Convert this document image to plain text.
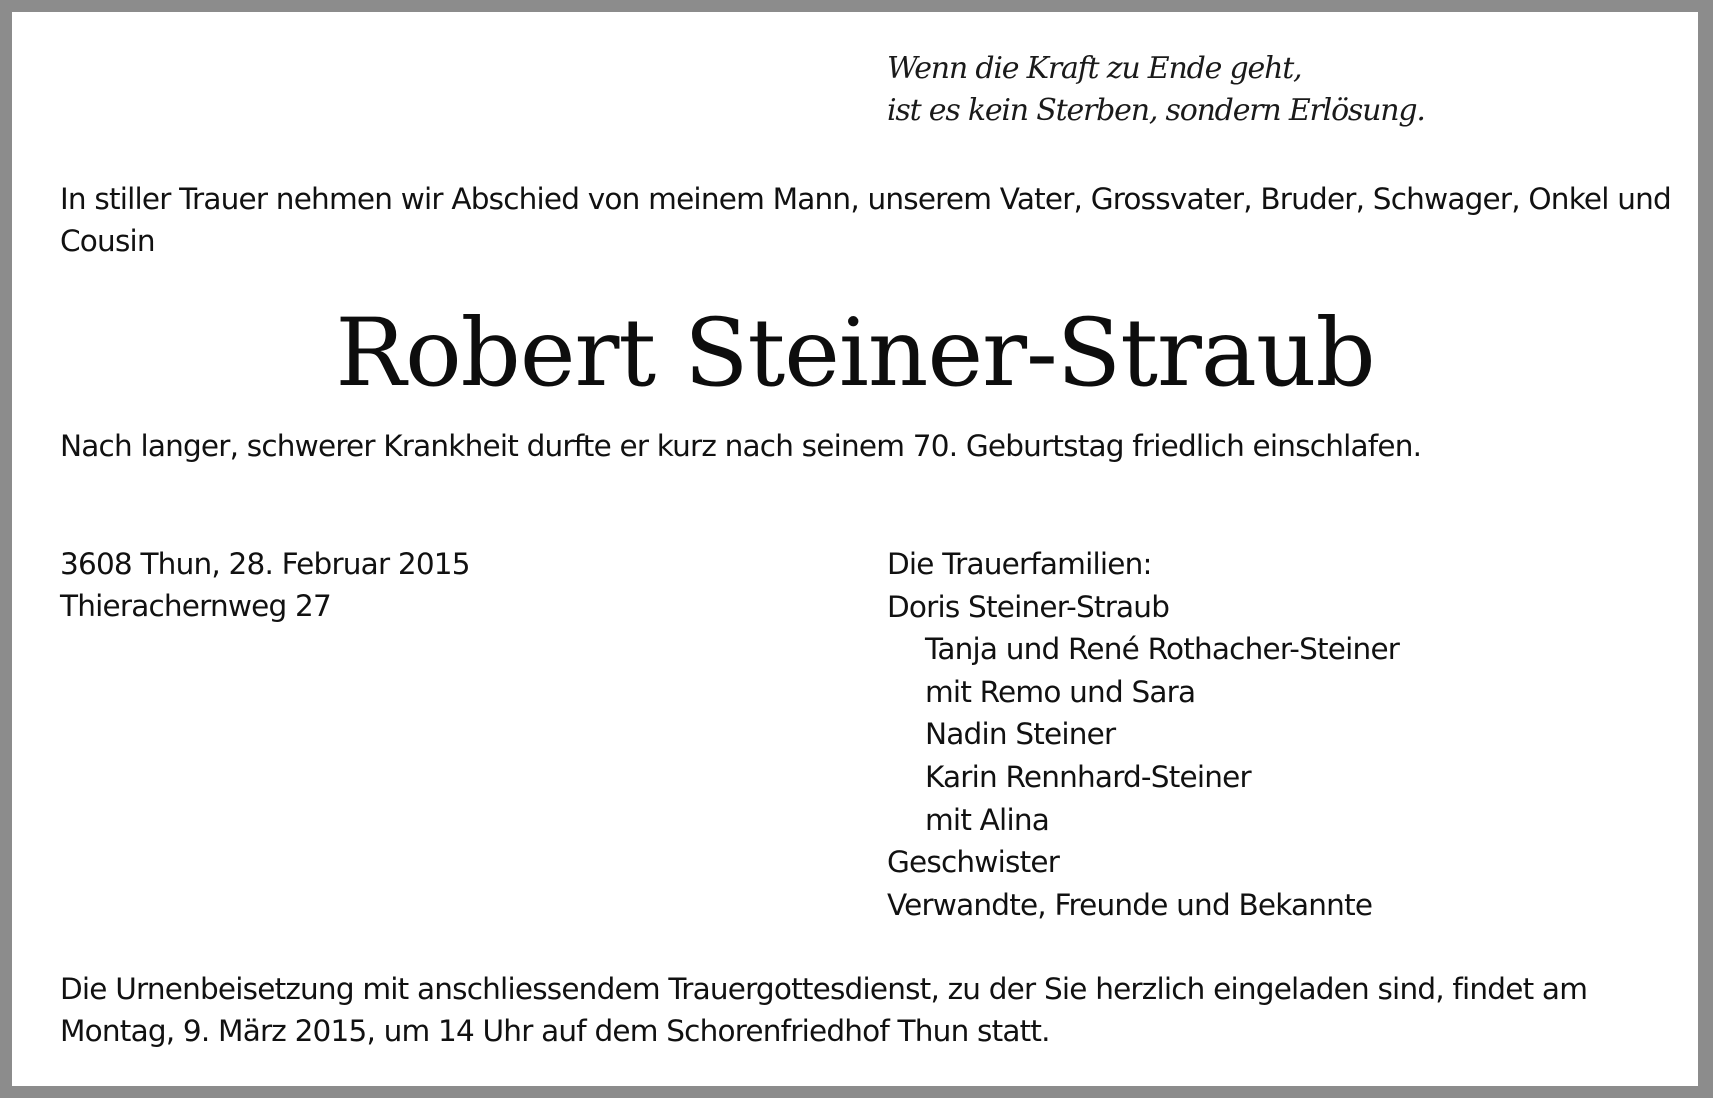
Wenn die Kraft zu Ende geht,
ist es kein Sterben, sondern Erlösung.
In stiller Trauer nehmen wir Abschied von meinem Mann, unserem Vater, Grossvater, Bruder, Schwager, Onkel und Cousin
Robert Steiner-Straub
Nach langer, schwerer Krankheit durfte er kurz nach seinem 70. Geburtstag friedlich einschlafen.
3608 Thun, 28. Februar 2015
Thierachernweg 27
Die Trauerfamilien:
Doris Steiner-Straub
Tanja und René Rothacher-Steiner
mit Remo und Sara
Nadin Steiner
Karin Rennhard-Steiner
mit Alina
Geschwister
Verwandte, Freunde und Bekannte
Die Urnenbeisetzung mit anschliessendem Trauergottesdienst, zu der Sie herzlich eingeladen sind, findet am Montag, 9. März 2015, um 14 Uhr auf dem Schorenfriedhof Thun statt.
